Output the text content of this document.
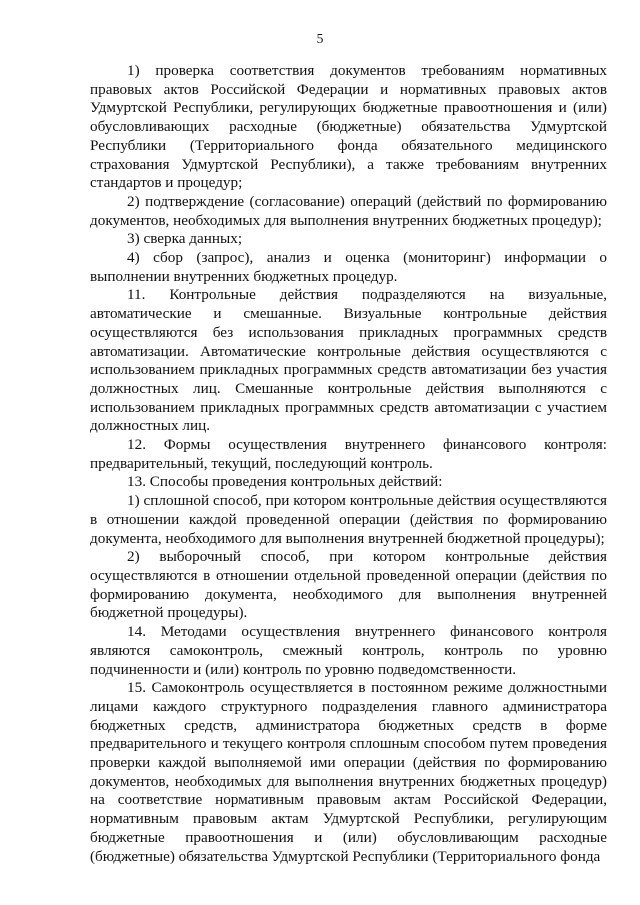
5

1) проверка соответствия документов требованиям нормативных правовых актов Российской Федерации и нормативных правовых актов Удмуртской Республики, регулирующих бюджетные правоотношения и (или) обусловливающих расходные (бюджетные) обязательства Удмуртской Республики (Территориального фонда обязательного медицинского страхования Удмуртской Республики), а также требованиям внутренних стандартов и процедур;

2) подтверждение (согласование) операций (действий по формированию документов, необходимых для выполнения внутренних бюджетных процедур);

3) сверка данных;

4) сбор (запрос), анализ и оценка (мониторинг) информации о выполнении внутренних бюджетных процедур.

11. Контрольные действия подразделяются на визуальные, автоматические и смешанные. Визуальные контрольные действия осуществляются без использования прикладных программных средств автоматизации. Автоматические контрольные действия осуществляются с использованием прикладных программных средств автоматизации без участия должностных лиц. Смешанные контрольные действия выполняются с использованием прикладных программных средств автоматизации с участием должностных лиц.

12. Формы осуществления внутреннего финансового контроля: предварительный, текущий, последующий контроль.

13. Способы проведения контрольных действий:

1) сплошной способ, при котором контрольные действия осуществляются в отношении каждой проведенной операции (действия по формированию документа, необходимого для выполнения внутренней бюджетной процедуры);

2) выборочный способ, при котором контрольные действия осуществляются в отношении отдельной проведенной операции (действия по формированию документа, необходимого для выполнения внутренней бюджетной процедуры).

14. Методами осуществления внутреннего финансового контроля являются самоконтроль, смежный контроль, контроль по уровню подчиненности и (или) контроль по уровню подведомственности.

15. Самоконтроль осуществляется в постоянном режиме должностными лицами каждого структурного подразделения главного администратора бюджетных средств, администратора бюджетных средств в форме предварительного и текущего контроля сплошным способом путем проведения проверки каждой выполняемой ими операции (действия по формированию документов, необходимых для выполнения внутренних бюджетных процедур) на соответствие нормативным правовым актам Российской Федерации, нормативным правовым актам Удмуртской Республики, регулирующим бюджетные правоотношения и (или) обусловливающим расходные (бюджетные) обязательства Удмуртской Республики (Территориального фонда
